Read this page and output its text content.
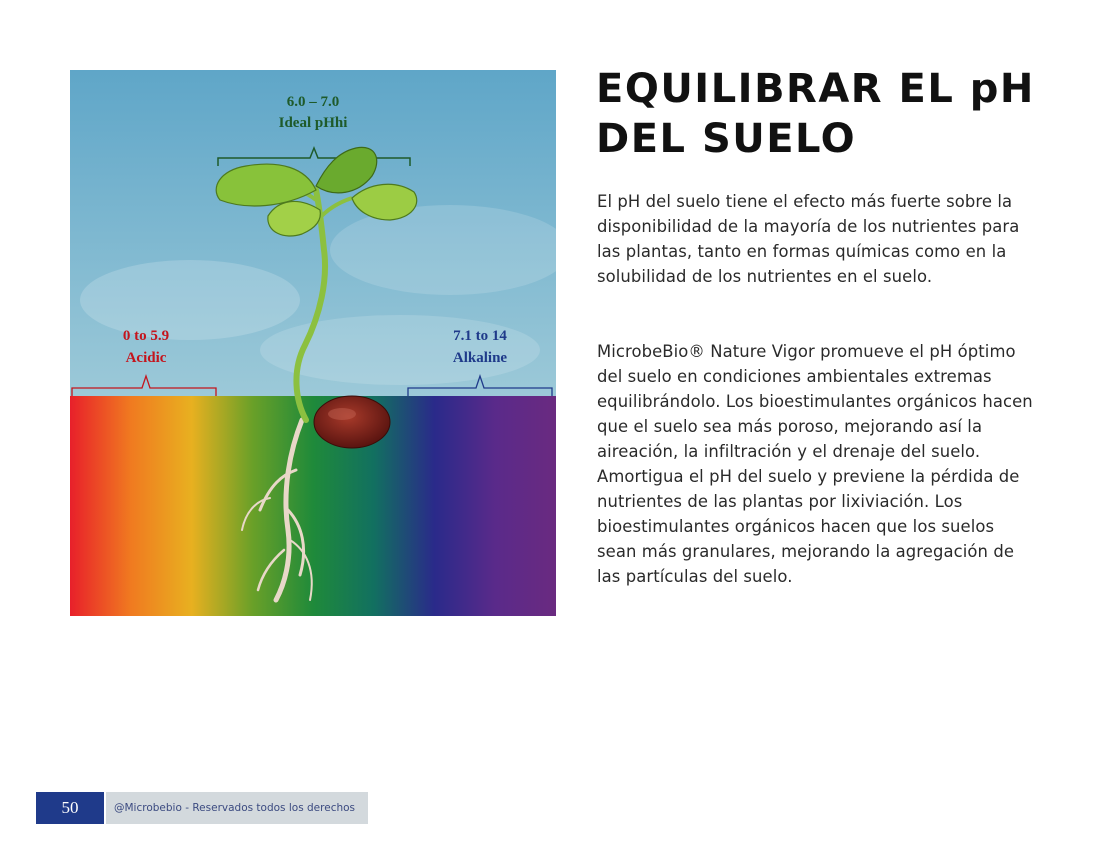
6.0 – 7.0
Ideal pHhi
0 to 5.9
Acidic
7.1 to 14
Alkaline
EQUILIBRAR EL pH
DEL SUELO

El pH del suelo tiene el efecto más fuerte sobre la disponibilidad de la mayoría de los nutrientes para las plantas, tanto en formas químicas como en la solubilidad de los nutrientes en el suelo.

MicrobeBio® Nature Vigor promueve el pH óptimo del suelo en condiciones ambientales extremas equilibrándolo. Los bioestimulantes orgánicos hacen que el suelo sea más poroso, mejorando así la aireación, la infiltración y el drenaje del suelo. Amortigua el pH del suelo y previene la pérdida de nutrientes de las plantas por lixiviación. Los bioestimulantes orgánicos hacen que los suelos sean más granulares, mejorando la agregación de las partículas del suelo.

50	@Microbebio - Reservados todos los derechos
